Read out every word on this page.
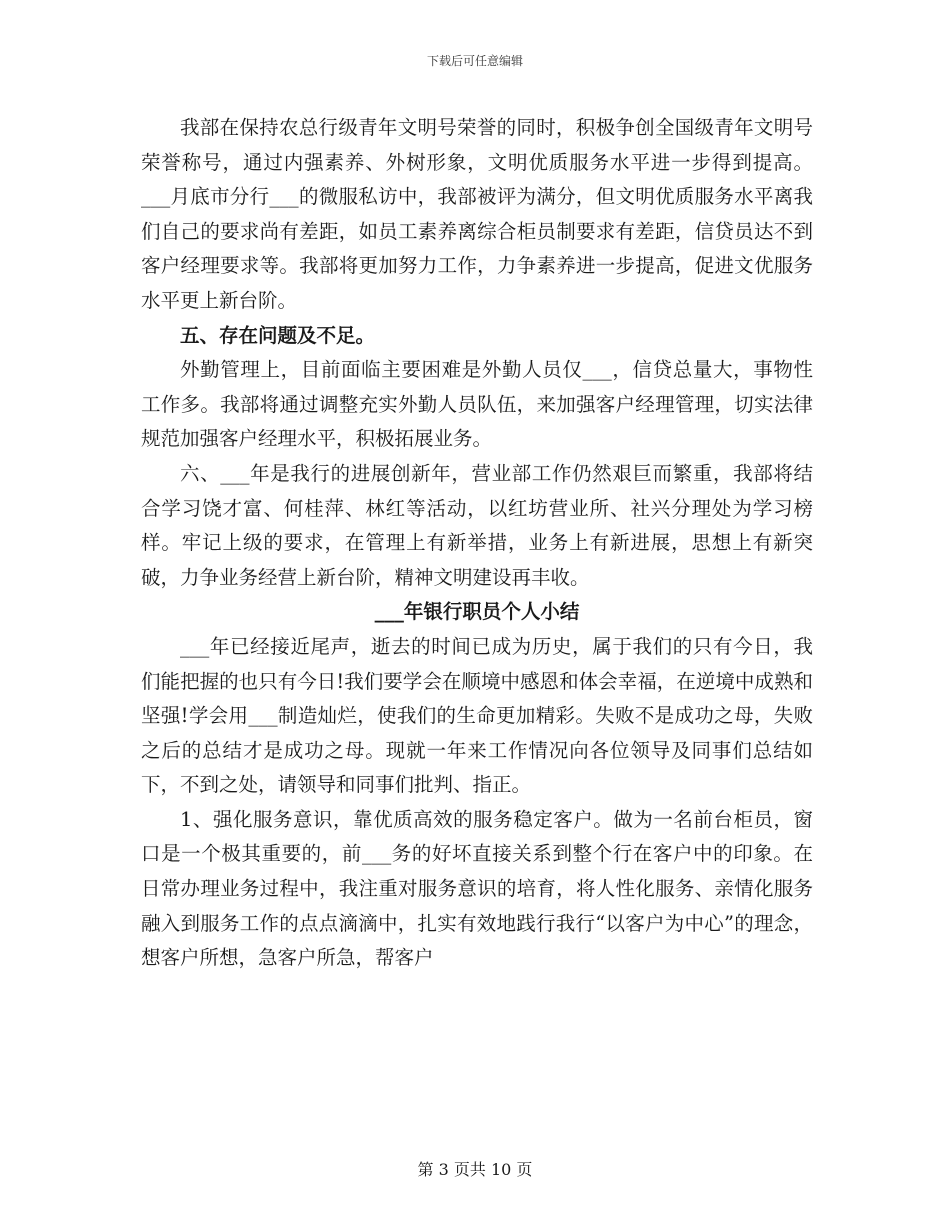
下载后可任意编辑

我部在保持农总行级青年文明号荣誉的同时，积极争创全国级青年文明号荣誉称号，通过内强素养、外树形象，文明优质服务水平进一步得到提高。___月底市分行___的微服私访中，我部被评为满分，但文明优质服务水平离我们自己的要求尚有差距，如员工素养离综合柜员制要求有差距，信贷员达不到客户经理要求等。我部将更加努力工作，力争素养进一步提高，促进文优服务水平更上新台阶。

五、存在问题及不足。

外勤管理上，目前面临主要困难是外勤人员仅___，信贷总量大，事物性工作多。我部将通过调整充实外勤人员队伍，来加强客户经理管理，切实法律规范加强客户经理水平，积极拓展业务。

六、___年是我行的进展创新年，营业部工作仍然艰巨而繁重，我部将结合学习饶才富、何桂萍、林红等活动，以红坊营业所、社兴分理处为学习榜样。牢记上级的要求，在管理上有新举措，业务上有新进展，思想上有新突破，力争业务经营上新台阶，精神文明建设再丰收。

___年银行职员个人小结

___年已经接近尾声，逝去的时间已成为历史，属于我们的只有今日，我们能把握的也只有今日!我们要学会在顺境中感恩和体会幸福，在逆境中成熟和坚强!学会用___制造灿烂，使我们的生命更加精彩。失败不是成功之母，失败之后的总结才是成功之母。现就一年来工作情况向各位领导及同事们总结如下，不到之处，请领导和同事们批判、指正。

1、强化服务意识，靠优质高效的服务稳定客户。做为一名前台柜员，窗口是一个极其重要的，前___务的好坏直接关系到整个行在客户中的印象。在日常办理业务过程中，我注重对服务意识的培育，将人性化服务、亲情化服务融入到服务工作的点点滴滴中，扎实有效地践行我行“以客户为中心”的理念，想客户所想，急客户所急，帮客户

第 3 页共 10 页
